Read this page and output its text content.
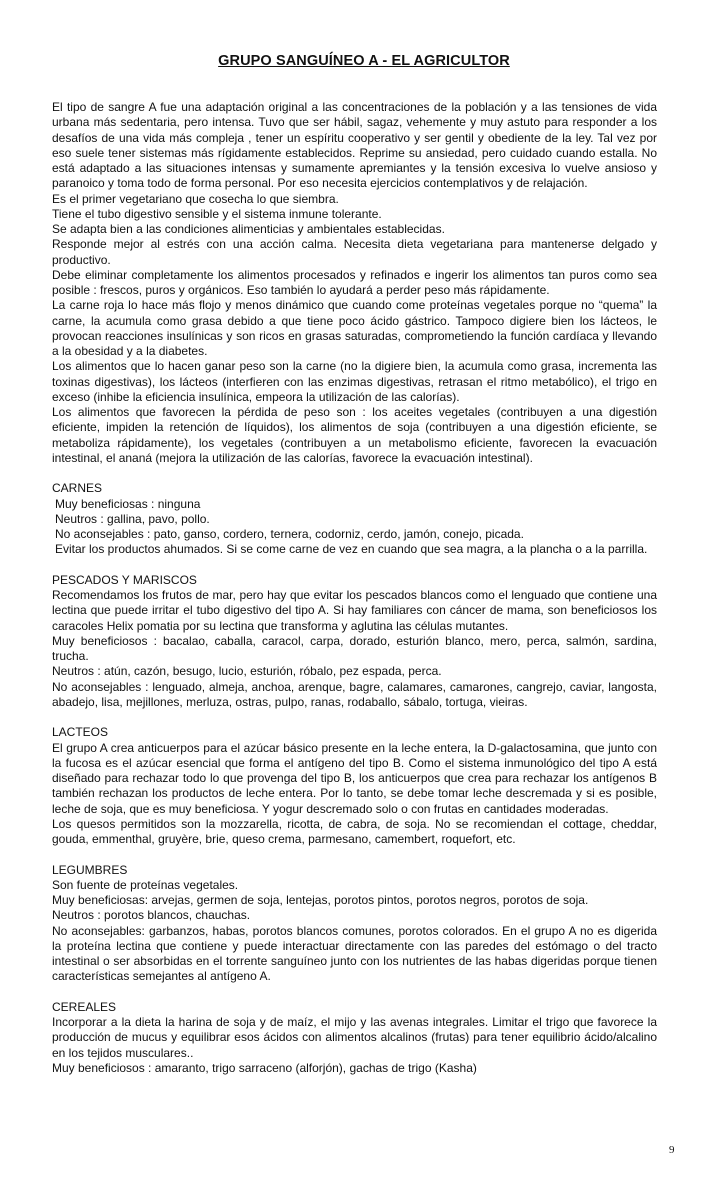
GRUPO SANGUÍNEO A - EL AGRICULTOR

El tipo de sangre A fue una adaptación original a las concentraciones de la población y a las tensiones de vida urbana más sedentaria, pero intensa. Tuvo que ser hábil, sagaz, vehemente y muy astuto para responder a los desafíos de una vida más compleja , tener un espíritu cooperativo y ser gentil y obediente de la ley. Tal vez por eso suele tener sistemas más rígidamente establecidos. Reprime su ansiedad, pero cuidado cuando estalla. No está adaptado a las situaciones intensas y sumamente apremiantes y la tensión excesiva lo vuelve ansioso y paranoico y toma todo de forma personal. Por eso necesita ejercicios contemplativos y de relajación.

Es el primer vegetariano que cosecha lo que siembra.

Tiene el tubo digestivo sensible y el sistema inmune tolerante.

Se adapta bien a las condiciones alimenticias y ambientales establecidas.

Responde mejor al estrés con una acción calma. Necesita dieta vegetariana para mantenerse delgado y productivo.

Debe eliminar completamente los alimentos procesados y refinados e ingerir los alimentos tan puros como sea posible : frescos, puros y orgánicos. Eso también lo ayudará a perder peso más rápidamente.

La carne roja lo hace más flojo y menos dinámico que cuando come proteínas vegetales porque no “quema” la carne, la acumula como grasa debido a que tiene poco ácido gástrico. Tampoco digiere bien los lácteos, le provocan reacciones insulínicas y son ricos en grasas saturadas, comprometiendo la función cardíaca y llevando a la obesidad y a la diabetes.

Los alimentos que lo hacen ganar peso son la carne (no la digiere bien, la acumula como grasa, incrementa las toxinas digestivas), los lácteos (interfieren con las enzimas digestivas, retrasan el ritmo metabólico), el trigo en exceso (inhibe la eficiencia insulínica, empeora la utilización de las calorías).

Los alimentos que favorecen la pérdida de peso son : los aceites vegetales (contribuyen a una digestión eficiente, impiden la retención de líquidos), los alimentos de soja (contribuyen a una digestión eficiente, se metaboliza rápidamente), los vegetales (contribuyen a un metabolismo eficiente, favorecen la evacuación intestinal, el ananá (mejora la utilización de las calorías, favorece la evacuación intestinal).

CARNES

Muy beneficiosas : ninguna

Neutros : gallina, pavo, pollo.

No aconsejables : pato, ganso, cordero, ternera, codorniz, cerdo, jamón, conejo, picada.

Evitar los productos ahumados. Si se come carne de vez en cuando que sea magra, a la plancha o a la parrilla.

PESCADOS Y MARISCOS

Recomendamos los frutos de mar, pero hay que evitar los pescados blancos como el lenguado que contiene una lectina que puede irritar el tubo digestivo del tipo A. Si hay familiares con cáncer de mama, son beneficiosos los caracoles Helix pomatia por su lectina que transforma y aglutina las células mutantes.

Muy beneficiosos : bacalao, caballa, caracol, carpa, dorado, esturión blanco, mero, perca, salmón, sardina, trucha.

Neutros : atún, cazón, besugo, lucio, esturión, róbalo, pez espada, perca.

No aconsejables : lenguado, almeja, anchoa, arenque, bagre, calamares, camarones, cangrejo, caviar, langosta, abadejo, lisa, mejillones, merluza, ostras, pulpo, ranas, rodaballo, sábalo, tortuga, vieiras.

LACTEOS

El grupo A crea anticuerpos para el azúcar básico presente en la leche entera, la D-galactosamina, que junto con la fucosa es el azúcar esencial que forma el antígeno del tipo B. Como el sistema inmunológico del tipo A está diseñado para rechazar todo lo que provenga del tipo B, los anticuerpos que crea para rechazar los antígenos B también rechazan los productos de leche entera. Por lo tanto, se debe tomar leche descremada y si es posible, leche de soja, que es muy beneficiosa. Y yogur descremado solo o con frutas en cantidades moderadas.

Los quesos permitidos son la mozzarella, ricotta, de cabra, de soja. No se recomiendan el cottage, cheddar, gouda, emmenthal, gruyère, brie, queso crema, parmesano, camembert, roquefort, etc.

LEGUMBRES

Son fuente de proteínas vegetales.

Muy beneficiosas: arvejas, germen de soja, lentejas, porotos pintos, porotos negros, porotos de soja.

Neutros : porotos blancos, chauchas.

No aconsejables: garbanzos, habas, porotos blancos comunes, porotos colorados. En el grupo A no es digerida la proteína lectina que contiene y puede interactuar directamente con las paredes del estómago o del tracto intestinal o ser absorbidas en el torrente sanguíneo junto con los nutrientes de las habas digeridas porque tienen características semejantes al antígeno A.

CEREALES

Incorporar a la dieta la harina de soja y de maíz, el mijo y las avenas integrales. Limitar el trigo que favorece la producción de mucus y equilibrar esos ácidos con alimentos alcalinos (frutas) para tener equilibrio ácido/alcalino en los tejidos musculares..

Muy beneficiosos : amaranto, trigo sarraceno (alforjón), gachas de trigo (Kasha)

9
